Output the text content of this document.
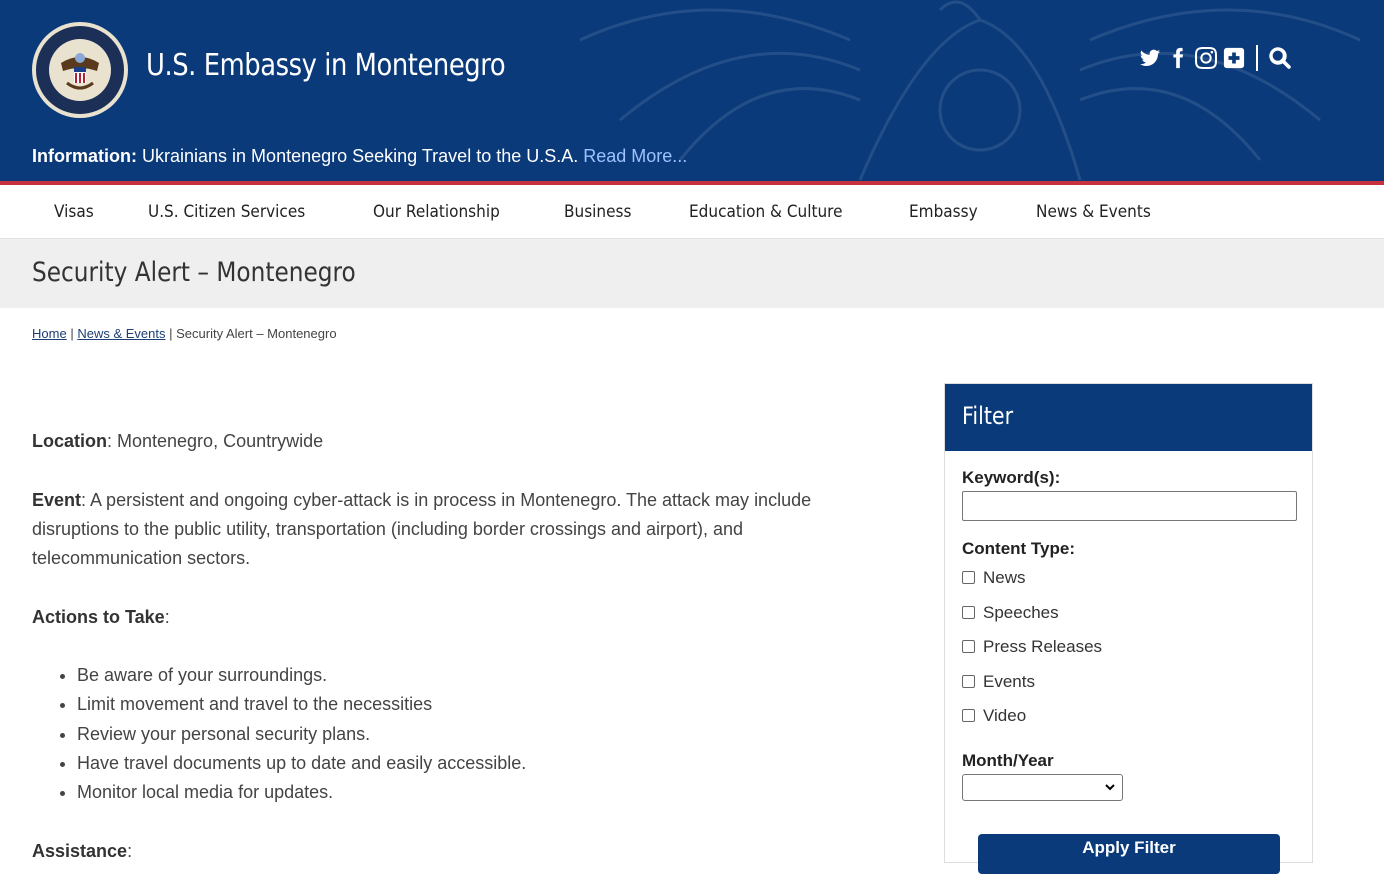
U.S. Embassy in Montenegro
Information: Ukrainians in Montenegro Seeking Travel to the U.S.A. Read More...
Visas	U.S. Citizen Services	Our Relationship	Business	Education & Culture	Embassy	News & Events
Security Alert – Montenegro
Home | News & Events | Security Alert – Montenegro

Location: Montenegro, Countrywide

Event: A persistent and ongoing cyber-attack is in process in Montenegro. The attack may include disruptions to the public utility, transportation (including border crossings and airport), and telecommunication sectors.

Actions to Take:

• Be aware of your surroundings.
• Limit movement and travel to the necessities
• Review your personal security plans.
• Have travel documents up to date and easily accessible.
• Monitor local media for updates.

Assistance:

Filter
Keyword(s):
Content Type:
News
Speeches
Press Releases
Events
Video
Month/Year
Apply Filter
